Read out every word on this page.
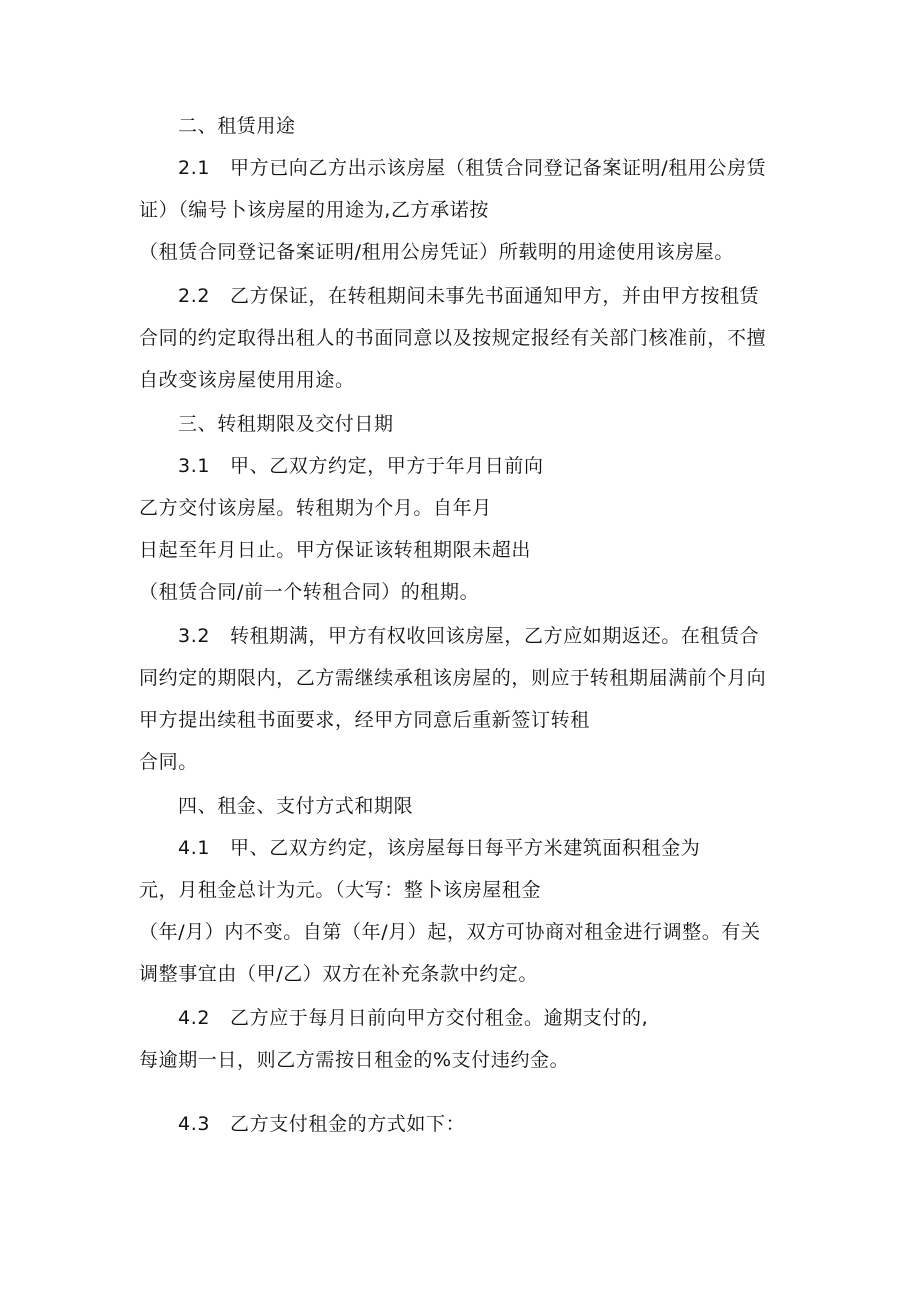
二、租赁用途
2.1 甲方已向乙方出示该房屋（租赁合同登记备案证明/租用公房赁
证）（编号卜该房屋的用途为,乙方承诺按
（租赁合同登记备案证明/租用公房凭证）所载明的用途使用该房屋。
2.2 乙方保证，在转租期间未事先书面通知甲方，并由甲方按租赁
合同的约定取得出租人的书面同意以及按规定报经有关部门核准前，不擅
自改变该房屋使用用途。
三、转租期限及交付日期
3.1 甲、乙双方约定，甲方于年月日前向
乙方交付该房屋。转租期为个月。自年月
日起至年月日止。甲方保证该转租期限未超出
（租赁合同/前一个转租合同）的租期。
3.2 转租期满，甲方有权收回该房屋，乙方应如期返还。在租赁合
同约定的期限内，乙方需继续承租该房屋的，则应于转租期届满前个月向
甲方提出续租书面要求，经甲方同意后重新签订转租
合同。
四、租金、支付方式和期限
4.1 甲、乙双方约定，该房屋每日每平方米建筑面积租金为
元，月租金总计为元。（大写：整卜该房屋租金
（年/月）内不变。自第（年/月）起，双方可协商对租金进行调整。有关
调整事宜由（甲/乙）双方在补充条款中约定。
4.2 乙方应于每月日前向甲方交付租金。逾期支付的,
每逾期一日，则乙方需按日租金的%支付违约金。
4.3 乙方支付租金的方式如下：
